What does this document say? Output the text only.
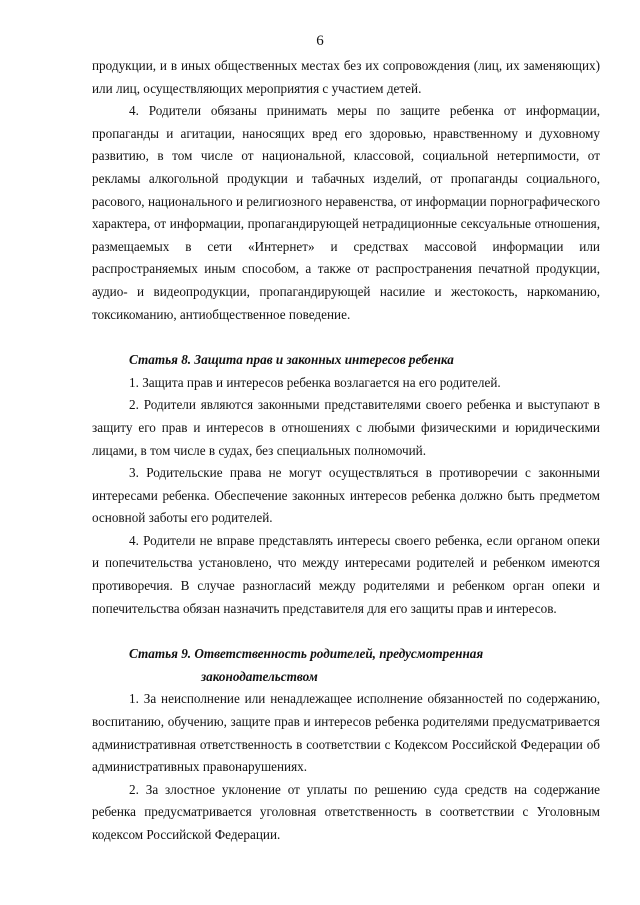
6

продукции, и в иных общественных местах без их сопровождения (лиц, их заменяющих) или лиц, осуществляющих мероприятия с участием детей.

4. Родители обязаны принимать меры по защите ребенка от информации, пропаганды и агитации, наносящих вред его здоровью, нравственному и духовному развитию, в том числе от национальной, классовой, социальной нетерпимости, от рекламы алкогольной продукции и табачных изделий, от пропаганды социального, расового, национального и религиозного неравенства, от информации порнографического характера, от информации, пропагандирующей нетрадиционные сексуальные отношения, размещаемых в сети «Интернет» и средствах массовой информации или распространяемых иным способом, а также от распространения печатной продукции, аудио- и видеопродукции, пропагандирующей насилие и жестокость, наркоманию, токсикоманию, антиобщественное поведение.

Статья 8. Защита прав и законных интересов ребенка

1. Защита прав и интересов ребенка возлагается на его родителей.

2. Родители являются законными представителями своего ребенка и выступают в защиту его прав и интересов в отношениях с любыми физическими и юридическими лицами, в том числе в судах, без специальных полномочий.

3. Родительские права не могут осуществляться в противоречии с законными интересами ребенка. Обеспечение законных интересов ребенка должно быть предметом основной заботы его родителей.

4. Родители не вправе представлять интересы своего ребенка, если органом опеки и попечительства установлено, что между интересами родителей и ребенком имеются противоречия. В случае разногласий между родителями и ребенком орган опеки и попечительства обязан назначить представителя для его защиты прав и интересов.

Статья 9. Ответственность родителей, предусмотренная

законодательством

1. За неисполнение или ненадлежащее исполнение обязанностей по содержанию, воспитанию, обучению, защите прав и интересов ребенка родителями предусматривается административная ответственность в соответствии с Кодексом Российской Федерации об административных правонарушениях.

2. За злостное уклонение от уплаты по решению суда средств на содержание ребенка предусматривается уголовная ответственность в соответствии с Уголовным кодексом Российской Федерации.
